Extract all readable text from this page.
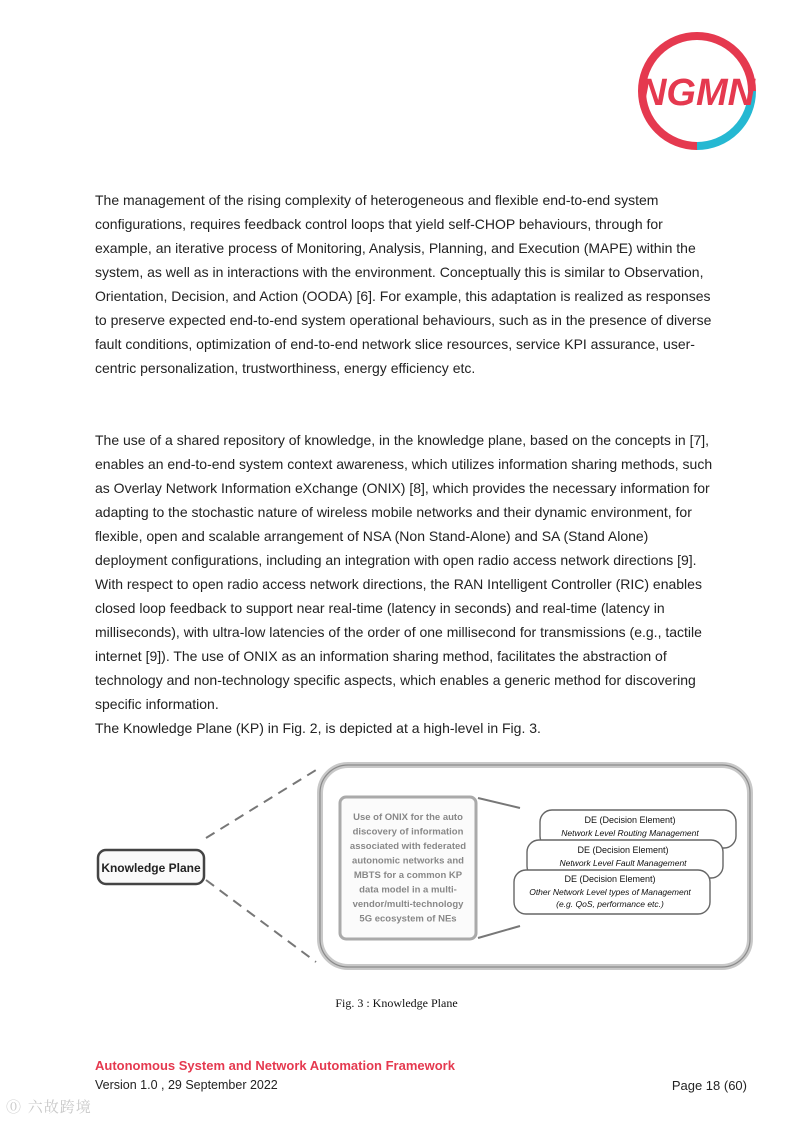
NGMN

The management of the rising complexity of heterogeneous and flexible end-to-end system configurations, requires feedback control loops that yield self-CHOP behaviours, through for example, an iterative process of Monitoring, Analysis, Planning, and Execution (MAPE) within the system, as well as in interactions with the environment. Conceptually this is similar to Observation, Orientation, Decision, and Action (OODA) [6]. For example, this adaptation is realized as responses to preserve expected end-to-end system operational behaviours, such as in the presence of diverse fault conditions, optimization of end-to-end network slice resources, service KPI assurance, user-centric personalization, trustworthiness, energy efficiency etc.

The use of a shared repository of knowledge, in the knowledge plane, based on the concepts in [7], enables an end-to-end system context awareness, which utilizes information sharing methods, such as Overlay Network Information eXchange (ONIX) [8], which provides the necessary information for adapting to the stochastic nature of wireless mobile networks and their dynamic environment, for flexible, open and scalable arrangement of NSA (Non Stand-Alone) and SA (Stand Alone) deployment configurations, including an integration with open radio access network directions [9]. With respect to open radio access network directions, the RAN Intelligent Controller (RIC) enables closed loop feedback to support near real-time (latency in seconds) and real-time (latency in milliseconds), with ultra-low latencies of the order of one millisecond for transmissions (e.g., tactile internet [9]). The use of ONIX as an information sharing method, facilitates the abstraction of technology and non-technology specific aspects, which enables a generic method for discovering specific information.

The Knowledge Plane (KP) in Fig. 2, is depicted at a high-level in Fig. 3.

Knowledge Plane
Use of ONIX for the auto
discovery of information
associated with federated
autonomic networks and
MBTS for a common KP
data model in a multi-
vendor/multi-technology
5G ecosystem of NEs
DE (Decision Element)
Network Level Routing Management
DE (Decision Element)
Network Level Fault Management
DE (Decision Element)
Other Network Level types of Management
(e.g. QoS, performance etc.)
Fig. 3 : Knowledge Plane
Autonomous System and Network Automation Framework
Version 1.0 , 29 September 2022	Page 18 (60)
⓪ 六故跨境
